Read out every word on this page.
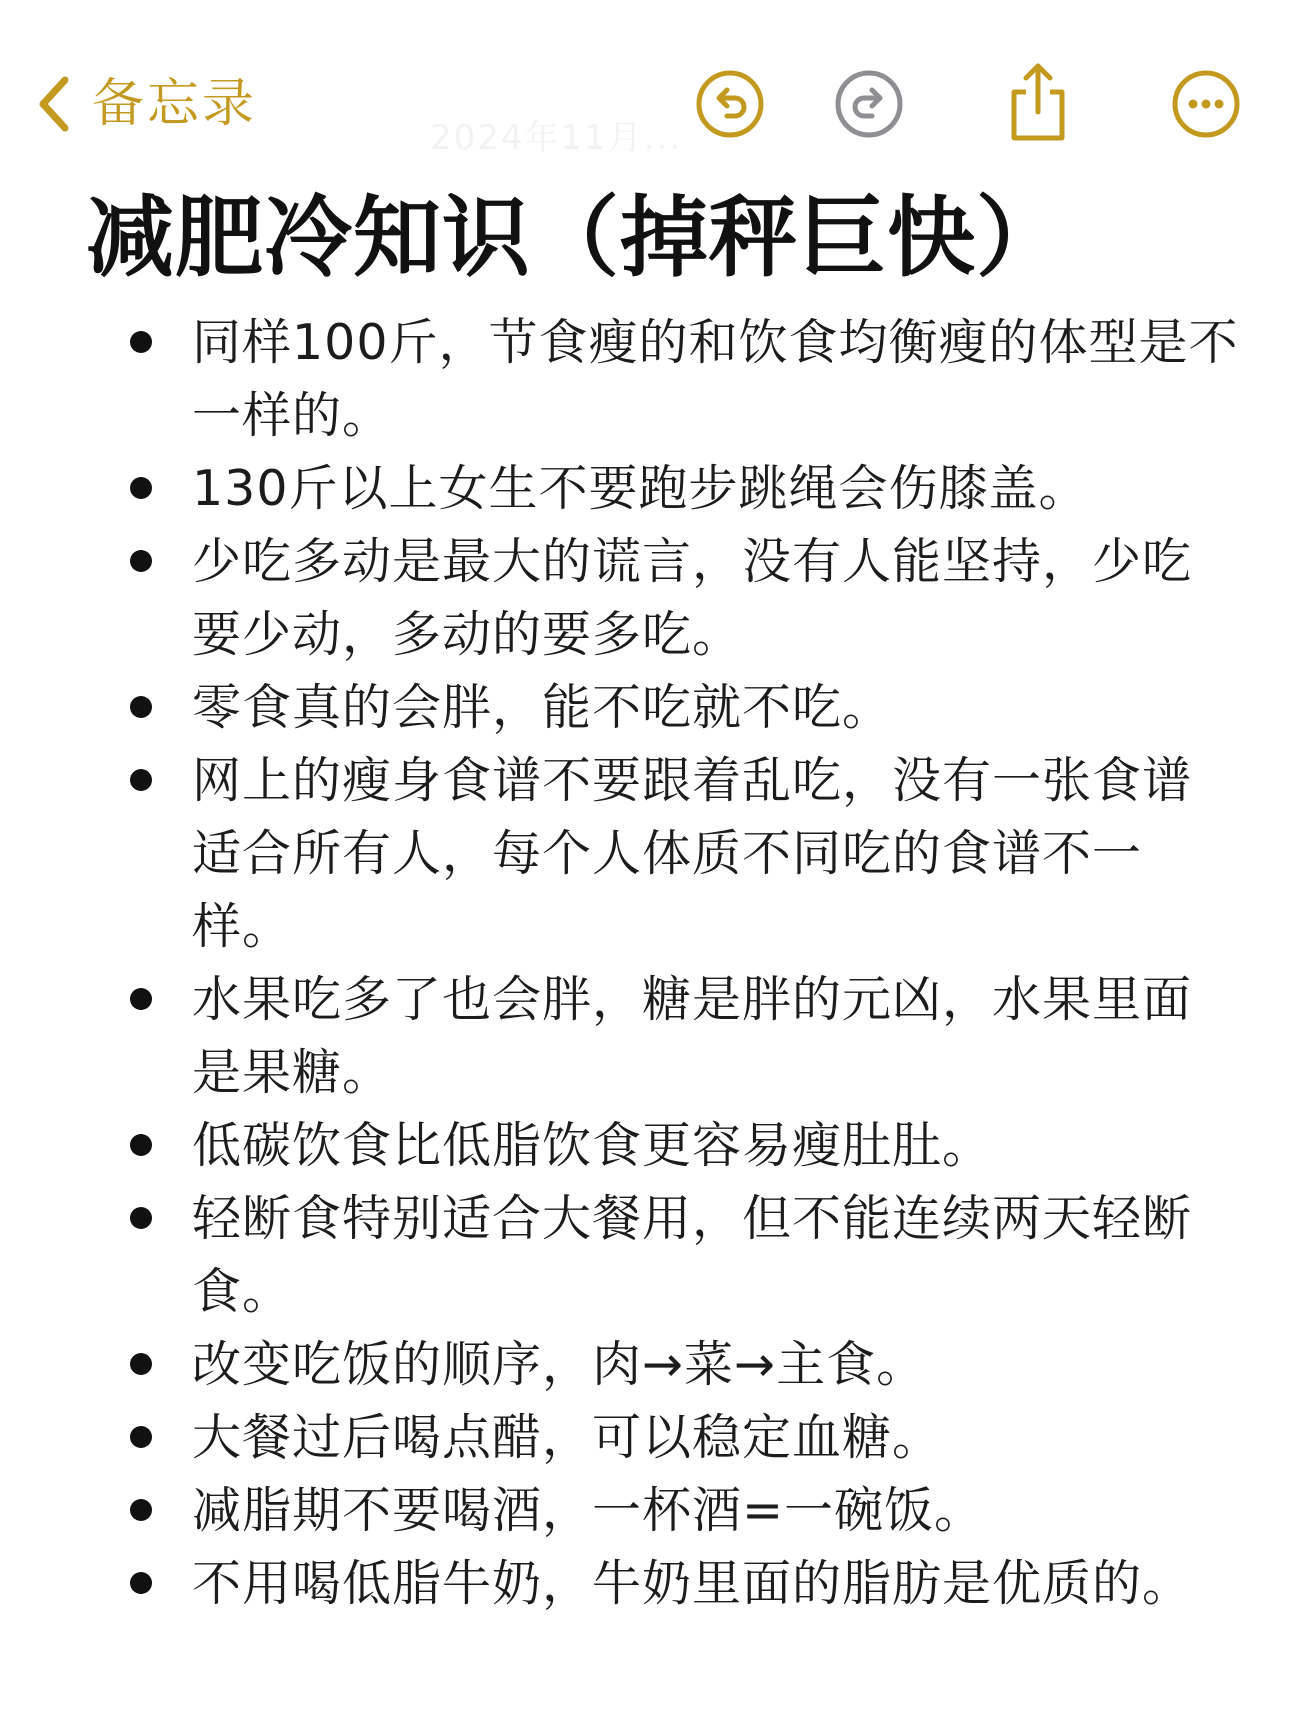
备忘录
2024年11月...
减肥冷知识（掉秤巨快）
同样100斤，节食瘦的和饮食均衡瘦的体型是不一样的。
130斤以上女生不要跑步跳绳会伤膝盖。
少吃多动是最大的谎言，没有人能坚持，少吃要少动，多动的要多吃。
零食真的会胖，能不吃就不吃。
网上的瘦身食谱不要跟着乱吃，没有一张食谱适合所有人，每个人体质不同吃的食谱不一样。
水果吃多了也会胖，糖是胖的元凶，水果里面是果糖。
低碳饮食比低脂饮食更容易瘦肚肚。
轻断食特别适合大餐用，但不能连续两天轻断食。
改变吃饭的顺序，肉→菜→主食。
大餐过后喝点醋，可以稳定血糖。
减脂期不要喝酒，一杯酒=一碗饭。
不用喝低脂牛奶，牛奶里面的脂肪是优质的。
